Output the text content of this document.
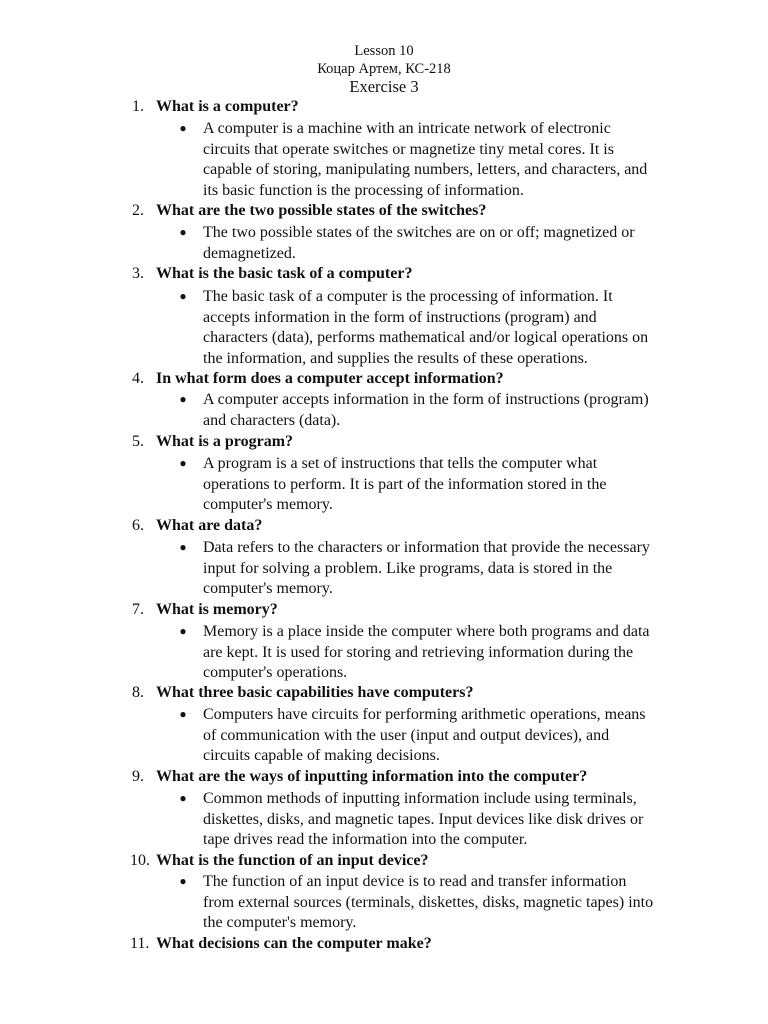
Lesson 10
Коцар Артем, КС-218
Exercise 3
1. What is a computer?
● A computer is a machine with an intricate network of electronic
circuits that operate switches or magnetize tiny metal cores. It is
capable of storing, manipulating numbers, letters, and characters, and
its basic function is the processing of information.
2. What are the two possible states of the switches?
● The two possible states of the switches are on or off; magnetized or
demagnetized.
3. What is the basic task of a computer?
● The basic task of a computer is the processing of information. It
accepts information in the form of instructions (program) and
characters (data), performs mathematical and/or logical operations on
the information, and supplies the results of these operations.
4. In what form does a computer accept information?
● A computer accepts information in the form of instructions (program)
and characters (data).
5. What is a program?
● A program is a set of instructions that tells the computer what
operations to perform. It is part of the information stored in the
computer's memory.
6. What are data?
● Data refers to the characters or information that provide the necessary
input for solving a problem. Like programs, data is stored in the
computer's memory.
7. What is memory?
● Memory is a place inside the computer where both programs and data
are kept. It is used for storing and retrieving information during the
computer's operations.
8. What three basic capabilities have computers?
● Computers have circuits for performing arithmetic operations, means
of communication with the user (input and output devices), and
circuits capable of making decisions.
9. What are the ways of inputting information into the computer?
● Common methods of inputting information include using terminals,
diskettes, disks, and magnetic tapes. Input devices like disk drives or
tape drives read the information into the computer.
10. What is the function of an input device?
● The function of an input device is to read and transfer information
from external sources (terminals, diskettes, disks, magnetic tapes) into
the computer's memory.
11. What decisions can the computer make?
